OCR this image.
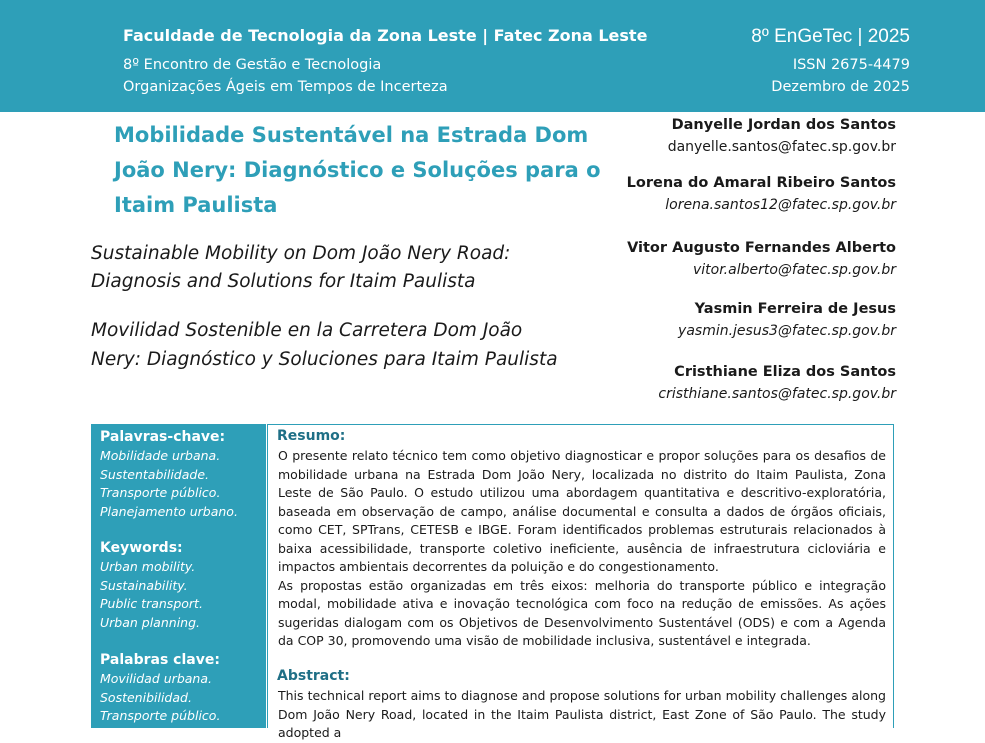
Faculdade de Tecnologia da Zona Leste | Fatec Zona Leste
8º Encontro de Gestão e Tecnologia
Organizações Ágeis em Tempos de Incerteza
8º EnGeTec | 2025
ISSN 2675-4479
Dezembro de 2025
Mobilidade Sustentável na Estrada Dom
João Nery: Diagnóstico e Soluções para o
Itaim Paulista
Sustainable Mobility on Dom João Nery Road:
Diagnosis and Solutions for Itaim Paulista
Movilidad Sostenible en la Carretera Dom João
Nery: Diagnóstico y Soluciones para Itaim Paulista
Danyelle Jordan dos Santos
danyelle.santos@fatec.sp.gov.br
Lorena do Amaral Ribeiro Santos
lorena.santos12@fatec.sp.gov.br
Vitor Augusto Fernandes Alberto
vitor.alberto@fatec.sp.gov.br
Yasmin Ferreira de Jesus
yasmin.jesus3@fatec.sp.gov.br
Cristhiane Eliza dos Santos
cristhiane.santos@fatec.sp.gov.br
Palavras-chave:
Mobilidade urbana.
Sustentabilidade.
Transporte público.
Planejamento urbano.
Keywords:
Urban mobility.
Sustainability.
Public transport.
Urban planning.
Palabras clave:
Movilidad urbana.
Sostenibilidad.
Transporte público.
Resumo:

O presente relato técnico tem como objetivo diagnosticar e propor soluções para os desafios de mobilidade urbana na Estrada Dom João Nery, localizada no distrito do Itaim Paulista, Zona Leste de São Paulo. O estudo utilizou uma abordagem quantitativa e descritivo-exploratória, baseada em observação de campo, análise documental e consulta a dados de órgãos oficiais, como CET, SPTrans, CETESB e IBGE. Foram identificados problemas estruturais relacionados à baixa acessibilidade, transporte coletivo ineficiente, ausência de infraestrutura cicloviária e impactos ambientais decorrentes da poluição e do congestionamento.

As propostas estão organizadas em três eixos: melhoria do transporte público e integração modal, mobilidade ativa e inovação tecnológica com foco na redução de emissões. As ações sugeridas dialogam com os Objetivos de Desenvolvimento Sustentável (ODS) e com a Agenda da COP 30, promovendo uma visão de mobilidade inclusiva, sustentável e integrada.

Abstract:

This technical report aims to diagnose and propose solutions for urban mobility challenges along Dom João Nery Road, located in the Itaim Paulista district, East Zone of São Paulo. The study adopted a
